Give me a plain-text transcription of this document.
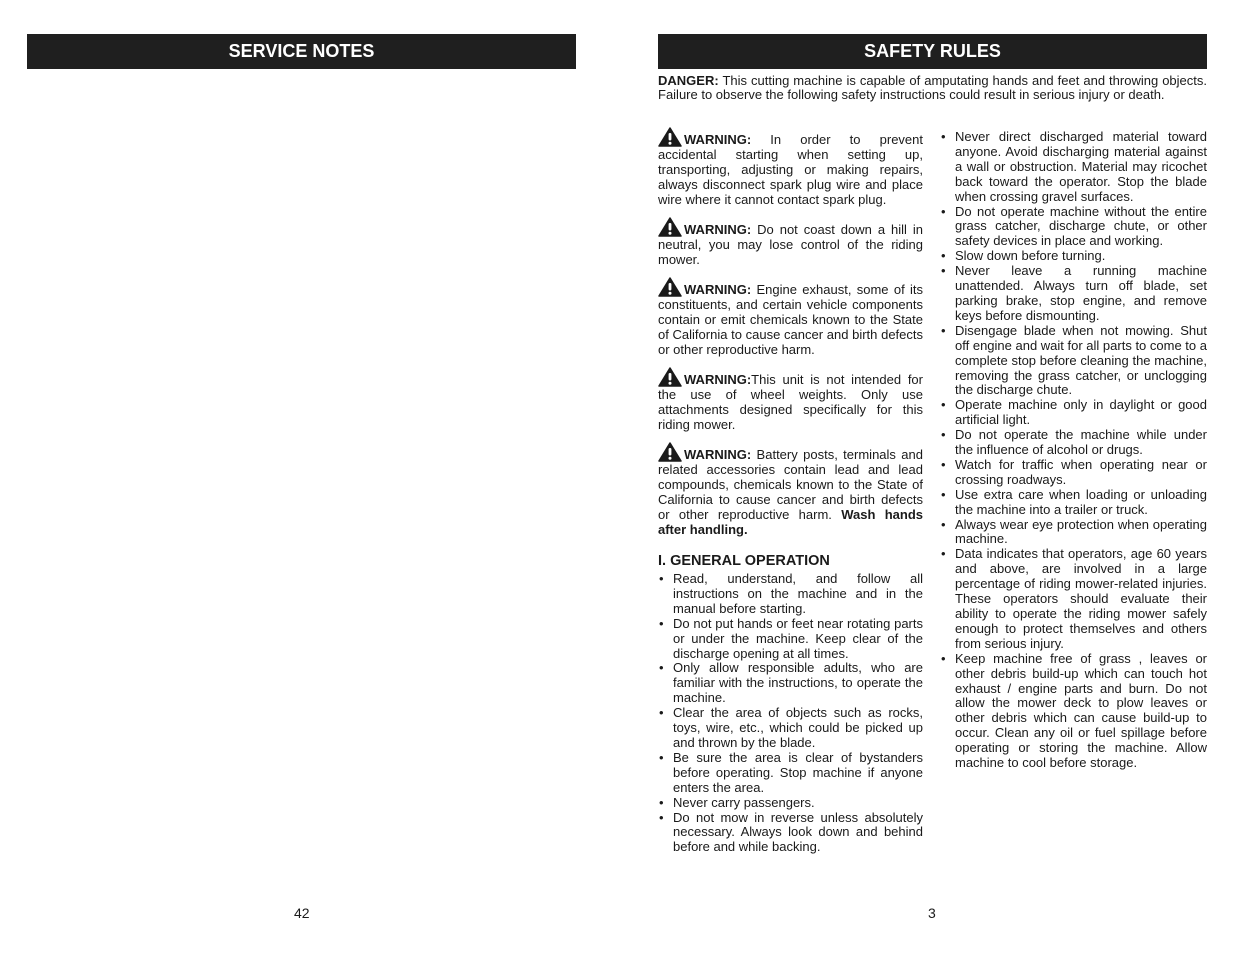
SERVICE NOTES	SAFETY RULES
DANGER: This cutting machine is capable of amputating hands and feet and throwing objects. Failure to observe the following safety instructions could result in serious injury or death.
WARNING: In order to prevent accidental starting when setting up, transporting, adjusting or making repairs, always disconnect spark plug wire and place wire where it cannot contact spark plug.
WARNING: Do not coast down a hill in neutral, you may lose control of the riding mower.
WARNING: Engine exhaust, some of its constituents, and certain vehicle components contain or emit chemicals known to the State of California to cause cancer and birth defects or other reproductive harm.
WARNING:This unit is not intended for the use of wheel weights. Only use attachments designed specifically for this riding mower.
WARNING: Battery posts, terminals and related accessories contain lead and lead compounds, chemicals known to the State of California to cause cancer and birth defects or other reproductive harm. Wash hands after handling.
I. GENERAL OPERATION
• Read, understand, and follow all instructions on the machine and in the manual before starting.
• Do not put hands or feet near rotating parts or under the machine. Keep clear of the discharge opening at all times.
• Only allow responsible adults, who are familiar with the instructions, to operate the machine.
• Clear the area of objects such as rocks, toys, wire, etc., which could be picked up and thrown by the blade.
• Be sure the area is clear of bystanders before operating. Stop machine if anyone enters the area.
• Never carry passengers.
• Do not mow in reverse unless absolutely necessary. Always look down and behind before and while backing.
• Never direct discharged material toward anyone. Avoid discharging material against a wall or obstruction. Material may ricochet back toward the operator. Stop the blade when crossing gravel surfaces.
• Do not operate machine without the entire grass catcher, discharge chute, or other safety devices in place and working.
• Slow down before turning.
• Never leave a running machine unattended. Always turn off blade, set parking brake, stop engine, and remove keys before dismounting.
• Disengage blade when not mowing. Shut off engine and wait for all parts to come to a complete stop before cleaning the machine, removing the grass catcher, or unclogging the discharge chute.
• Operate machine only in daylight or good artificial light.
• Do not operate the machine while under the influence of alcohol or drugs.
• Watch for traffic when operating near or crossing roadways.
• Use extra care when loading or unloading the machine into a trailer or truck.
• Always wear eye protection when operating machine.
• Data indicates that operators, age 60 years and above, are involved in a large percentage of riding mower-related injuries. These operators should evaluate their ability to operate the riding mower safely enough to protect themselves and others from serious injury.
• Keep machine free of grass , leaves or other debris build-up which can touch hot exhaust / engine parts and burn. Do not allow the mower deck to plow leaves or other debris which can cause build-up to occur. Clean any oil or fuel spillage before operating or storing the machine. Allow machine to cool before storage.
42	3
